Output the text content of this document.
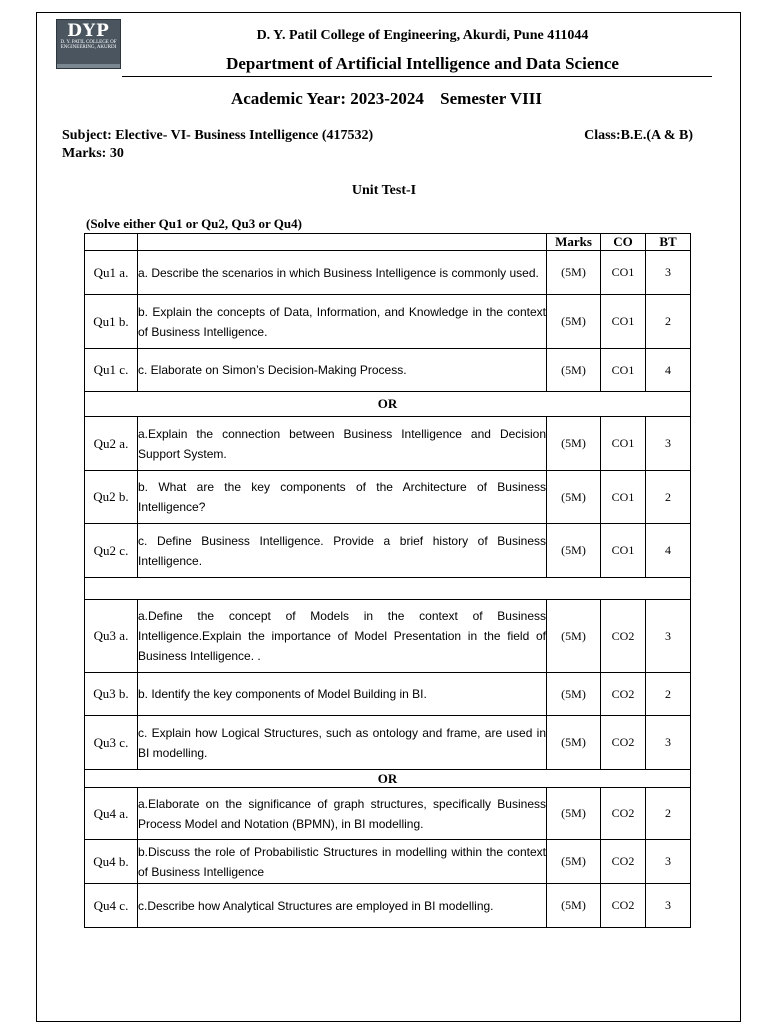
DYP
D. Y. PATIL COLLEGE OF ENGINEERING, AKURDI
D. Y. Patil College of Engineering, Akurdi, Pune 411044
Department of Artificial Intelligence and Data Science
Academic Year: 2023-2024 Semester VIII
Subject: Elective- VI- Business Intelligence (417532)	Class:B.E.(A & B)
Marks: 30
Unit Test-I
(Solve either Qu1 or Qu2, Qu3 or Qu4)
		Marks	CO	BT
Qu1 a.	a. Describe the scenarios in which Business Intelligence is commonly used.	(5M)	CO1	3
Qu1 b.	b. Explain the concepts of Data, Information, and Knowledge in the context of Business Intelligence.	(5M)	CO1	2
Qu1 c.	c. Elaborate on Simon’s Decision-Making Process.	(5M)	CO1	4
OR				
Qu2 a.	a.Explain the connection between Business Intelligence and Decision Support System.	(5M)	CO1	3
Qu2 b.	b. What are the key components of the Architecture of Business Intelligence?	(5M)	CO1	2
Qu2 c.	c. Define Business Intelligence. Provide a brief history of Business Intelligence.	(5M)	CO1	4

Qu3 a.	a.Define the concept of Models in the context of Business Intelligence.Explain the importance of Model Presentation in the field of Business Intelligence. .	(5M)	CO2	3
Qu3 b.	b. Identify the key components of Model Building in BI.	(5M)	CO2	2
Qu3 c.	c. Explain how Logical Structures, such as ontology and frame, are used in BI modelling.	(5M)	CO2	3
OR				
Qu4 a.	a.Elaborate on the significance of graph structures, specifically Business Process Model and Notation (BPMN), in BI modelling.	(5M)	CO2	2
Qu4 b.	b.Discuss the role of Probabilistic Structures in modelling within the context of Business Intelligence	(5M)	CO2	3
Qu4 c.	c.Describe how Analytical Structures are employed in BI modelling.	(5M)	CO2	3
